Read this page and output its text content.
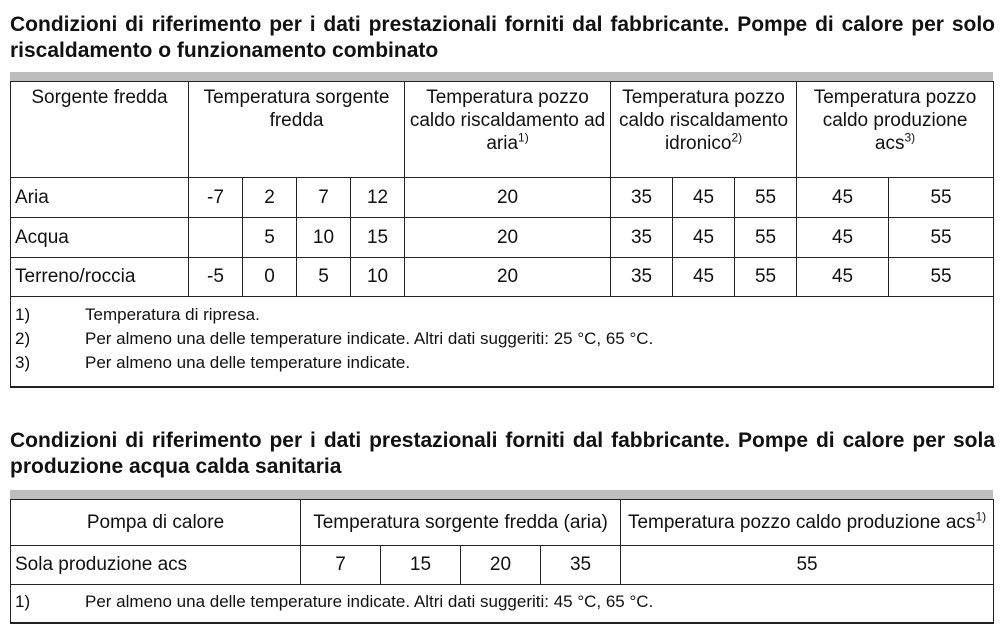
Condizioni di riferimento per i dati prestazionali forniti dal fabbricante. Pompe di calore per solo riscaldamento o funzionamento combinato
Sorgente fredda	Temperatura sorgente fredda				Temperatura pozzo caldo riscaldamento ad aria$^{1)}$	Temperatura pozzo caldo riscaldamento idronico$^{2)}$			Temperatura pozzo caldo produzione acs$^{3)}$
Aria	-7	2	7	12	20	35	45	55	45	55
Acqua		5	10	15	20	35	45	55	45	55
Terreno/roccia	-5	0	5	10	20	35	45	55	45	55

1) Temperatura di ripresa.
2) Per almeno una delle temperature indicate. Altri dati suggeriti: 25 °C, 65 °C.
3) Per almeno una delle temperature indicate.										
Condizioni di riferimento per i dati prestazionali forniti dal fabbricante. Pompe di calore per sola produzione acqua calda sanitaria
Pompa di calore	Temperatura sorgente fredda (aria)				Temperatura pozzo caldo produzione acs$^{1)}$
Sola produzione acs	7	15	20	35	55

1) Per almeno una delle temperature indicate. Altri dati suggeriti: 45 °C, 65 °C.					
